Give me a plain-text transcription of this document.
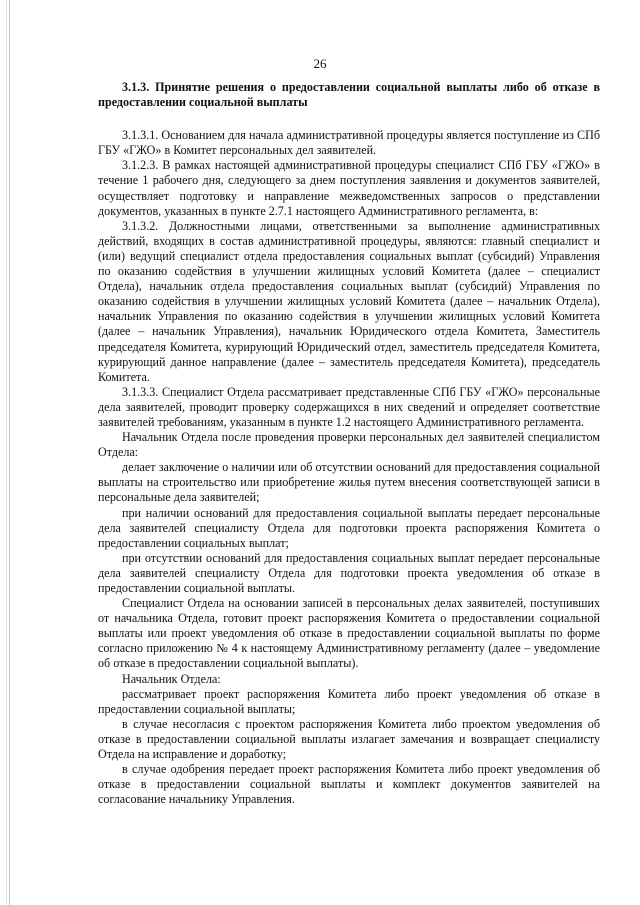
26

3.1.3. Принятие решения о предоставлении социальной выплаты либо об отказе в предоставлении социальной выплаты

3.1.3.1. Основанием для начала административной процедуры является поступление из СПб ГБУ «ГЖО» в Комитет персональных дел заявителей.

3.1.2.3. В рамках настоящей административной процедуры специалист СПб ГБУ «ГЖО» в течение 1 рабочего дня, следующего за днем поступления заявления и документов заявителей, осуществляет подготовку и направление межведомственных запросов о представлении документов, указанных в пункте 2.7.1 настоящего Административного регламента, в:

3.1.3.2. Должностными лицами, ответственными за выполнение административных действий, входящих в состав административной процедуры, являются: главный специалист и (или) ведущий специалист отдела предоставления социальных выплат (субсидий) Управления по оказанию содействия в улучшении жилищных условий Комитета (далее – специалист Отдела), начальник отдела предоставления социальных выплат (субсидий) Управления по оказанию содействия в улучшении жилищных условий Комитета (далее – начальник Отдела), начальник Управления по оказанию содействия в улучшении жилищных условий Комитета (далее – начальник Управления), начальник Юридического отдела Комитета, Заместитель председателя Комитета, курирующий Юридический отдел, заместитель председателя Комитета, курирующий данное направление (далее – заместитель председателя Комитета), председатель Комитета.

3.1.3.3. Специалист Отдела рассматривает представленные СПб ГБУ «ГЖО» персональные дела заявителей, проводит проверку содержащихся в них сведений и определяет соответствие заявителей требованиям, указанным в пункте 1.2 настоящего Административного регламента.

Начальник Отдела после проведения проверки персональных дел заявителей специалистом Отдела:

делает заключение о наличии или об отсутствии оснований для предоставления социальной выплаты на строительство или приобретение жилья путем внесения соответствующей записи в персональные дела заявителей;

при наличии оснований для предоставления социальной выплаты передает персональные дела заявителей специалисту Отдела для подготовки проекта распоряжения Комитета о предоставлении социальных выплат;

при отсутствии оснований для предоставления социальных выплат передает персональные дела заявителей специалисту Отдела для подготовки проекта уведомления об отказе в предоставлении социальной выплаты.

Специалист Отдела на основании записей в персональных делах заявителей, поступивших от начальника Отдела, готовит проект распоряжения Комитета о предоставлении социальной выплаты или проект уведомления об отказе в предоставлении социальной выплаты по форме согласно приложению № 4 к настоящему Административному регламенту (далее – уведомление об отказе в предоставлении социальной выплаты).

Начальник Отдела:

рассматривает проект распоряжения Комитета либо проект уведомления об отказе в предоставлении социальной выплаты;

в случае несогласия с проектом распоряжения Комитета либо проектом уведомления об отказе в предоставлении социальной выплаты излагает замечания и возвращает специалисту Отдела на исправление и доработку;

в случае одобрения передает проект распоряжения Комитета либо проект уведомления об отказе в предоставлении социальной выплаты и комплект документов заявителей на согласование начальнику Управления.
